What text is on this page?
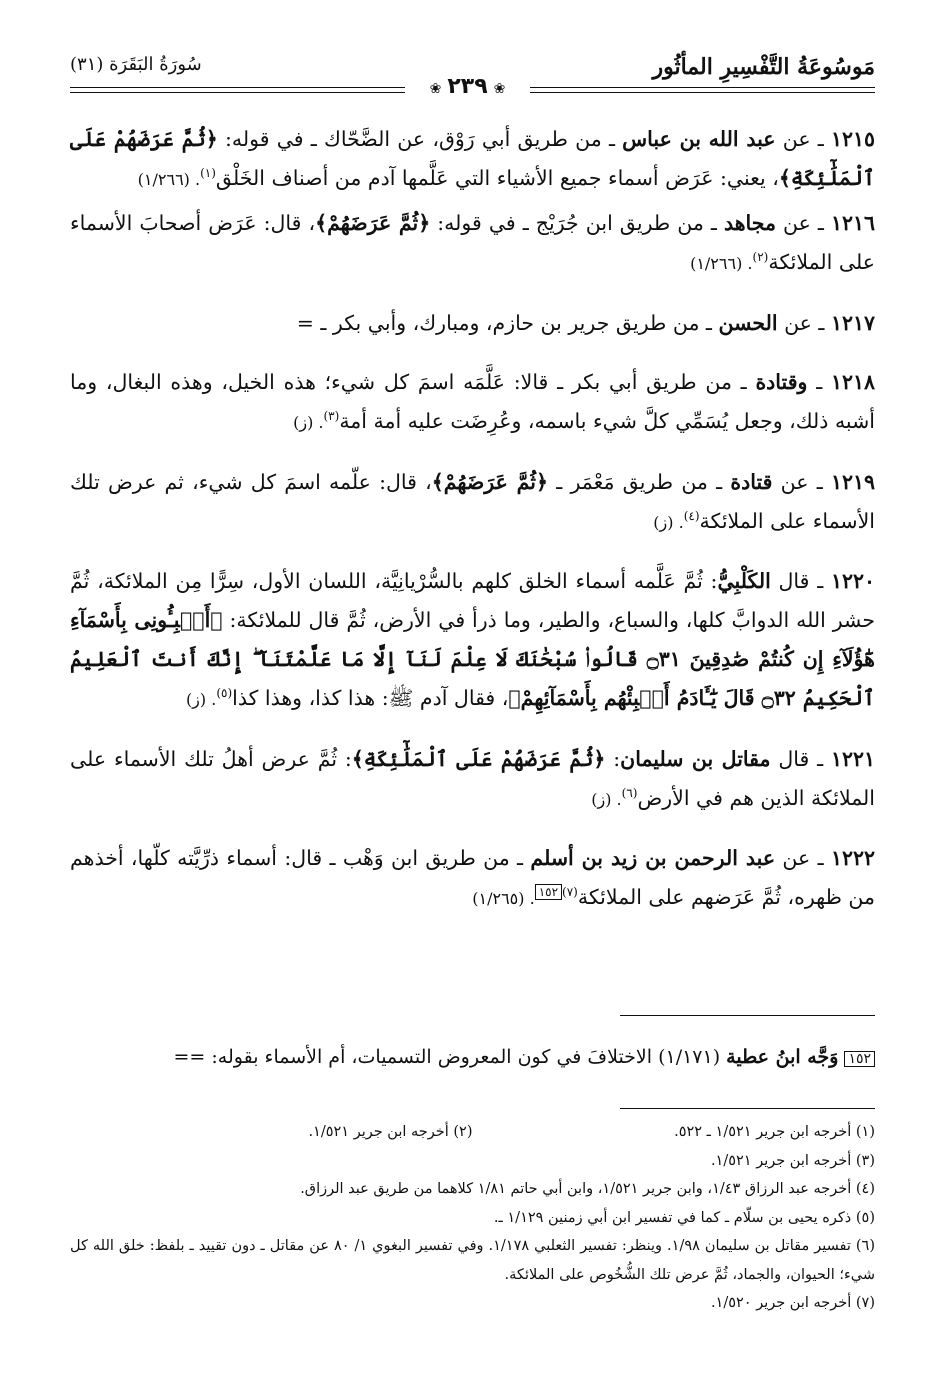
مَوسُوعَةُ التَّفْسِيرِ المأثُور
سُورَةُ البَقَرَة (٣١)
❀٢٣٩❀

١٢١٥ ـ عن عبد الله بن عباس ـ من طريق أبي رَوْق، عن الضَّحّاك ـ في قوله: ﴿ثُمَّ عَرَضَهُمْ عَلَى ٱلْمَلَٰٓئِكَةِ﴾، يعني: عَرَض أسماء جميع الأشياء التي عَلَّمها آدم من أصناف الخَلْق$^{(١)}$. (١/٢٦٦)

١٢١٦ ـ عن مجاهد ـ من طريق ابن جُرَيْج ـ في قوله: ﴿ثُمَّ عَرَضَهُمْ﴾، قال: عَرَض أصحابَ الأسماء على الملائكة$^{(٢)}$. (١/٢٦٦)

١٢١٧ ـ عن الحسن ـ من طريق جرير بن حازم، ومبارك، وأبي بكر ـ =

١٢١٨ ـ وقتادة ـ من طريق أبي بكر ـ قالا: عَلَّمَه اسمَ كل شيء؛ هذه الخيل، وهذه البغال، وما أشبه ذلك، وجعل يُسَمِّي كلَّ شيء باسمه، وعُرِضَت عليه أمة أمة$^{(٣)}$. (ز)

١٢١٩ ـ عن قتادة ـ من طريق مَعْمَر ـ ﴿ثُمَّ عَرَضَهُمْ﴾، قال: علّمه اسمَ كل شيء، ثم عرض تلك الأسماء على الملائكة$^{(٤)}$. (ز)

١٢٢٠ ـ قال الكَلْبِيُّ: ثُمَّ عَلَّمه أسماء الخلق كلهم بالسُّرْيانِيَّة، اللسان الأول، سِرًّا مِن الملائكة، ثُمَّ حشر الله الدوابَّ كلها، والسباع، والطير، وما ذرأ في الأرض، ثُمَّ قال للملائكة: ﴿أَنۢبِـُٔونِى بِأَسْمَآءِ هَٰٓؤُلَآءِ إِن كُنتُمْ صَٰدِقِينَ ۝٣١ قَالُوا۟ سُبْحَٰنَكَ لَا عِلْمَ لَنَآ إِلَّا مَا عَلَّمْتَنَآ ۖ إِنَّكَ أَنتَ ٱلْعَلِيمُ ٱلْحَكِيمُ ۝٣٢ قَالَ يَٰٓـَٔادَمُ أَنۢبِئْهُم بِأَسْمَآئِهِمْ﴾، فقال آدم ﷺ: هذا كذا، وهذا كذا$^{(٥)}$. (ز)

١٢٢١ ـ قال مقاتل بن سليمان: ﴿ثُمَّ عَرَضَهُمْ عَلَى ٱلْمَلَٰٓئِكَةِ﴾: ثُمَّ عرض أهلُ تلك الأسماء على الملائكة الذين هم في الأرض$^{(٦)}$. (ز)

١٢٢٢ ـ عن عبد الرحمن بن زيد بن أسلم ـ من طريق ابن وَهْب ـ قال: أسماء ذرِّيَّته كلّها، أخذهم من ظهره، ثُمَّ عَرَضهم على الملائكة$^{(٧)}$١٥٢. (١/٢٦٥)

١٥٢ وَجَّه ابنُ عطية (١/١٧١) الاختلافَ في كون المعروض التسميات، أم الأسماء بقوله: ==
(١) أخرجه ابن جرير ١/٥٢١ ـ ٥٢٢.
(٢) أخرجه ابن جرير ١/٥٢١.
(٣) أخرجه ابن جرير ١/٥٢١.
(٤) أخرجه عبد الرزاق ١/٤٣، وابن جرير ١/٥٢١، وابن أبي حاتم ١/٨١ كلاهما من طريق عبد الرزاق.
(٥) ذكره يحيى بن سلّام ـ كما في تفسير ابن أبي زمنين ١/١٢٩ ـ.
(٦) تفسير مقاتل بن سليمان ١/٩٨. وينظر: تفسير الثعلبي ١/١٧٨. وفي تفسير البغوي ١/ ٨٠ عن مقاتل ـ دون تقييد ـ بلفظ: خلق الله كل شيء؛ الحيوان، والجماد، ثُمَّ عرض تلك الشُّخُوص على الملائكة.
(٧) أخرجه ابن جرير ١/٥٢٠.
